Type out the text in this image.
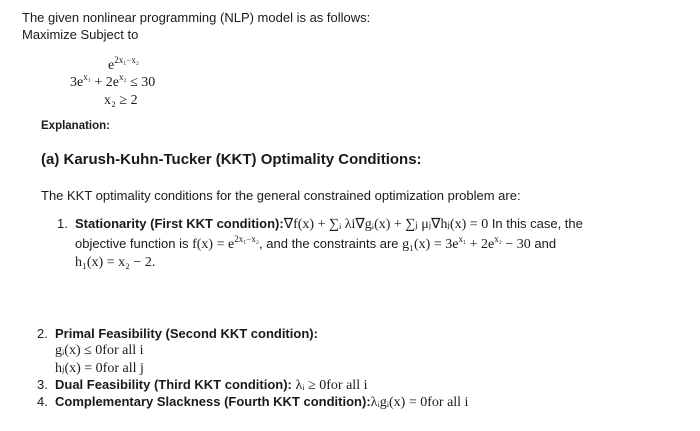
The given nonlinear programming (NLP) model is as follows:
Maximize Subject to
$e^{2x_1-x_2}$
$3e^{x_1} + 2e^{x_2} \le 30$
x₂ ≥ 2
Explanation:
(a) Karush-Kuhn-Tucker (KKT) Optimality Conditions:
The KKT optimality conditions for the general constrained optimization problem are:
1. Stationarity (First KKT condition):∇f(x) + ∑ᵢ λi∇gᵢ(x) + ∑ⱼ μⱼ∇hⱼ(x) = 0 In this case, the
objective function is $f(x) = e^{2x_1-x_2}$, and the constraints are $g_1(x) = 3e^{x_1} + 2e^{x_2} - 30$ and
h₁(x) = x₂ − 2.
2. Primal Feasibility (Second KKT condition):
gᵢ(x) ≤ 0for all i
hⱼ(x) = 0for all j
3. Dual Feasibility (Third KKT condition): λᵢ ≥ 0for all i
4. Complementary Slackness (Fourth KKT condition):λᵢgᵢ(x) = 0for all i
